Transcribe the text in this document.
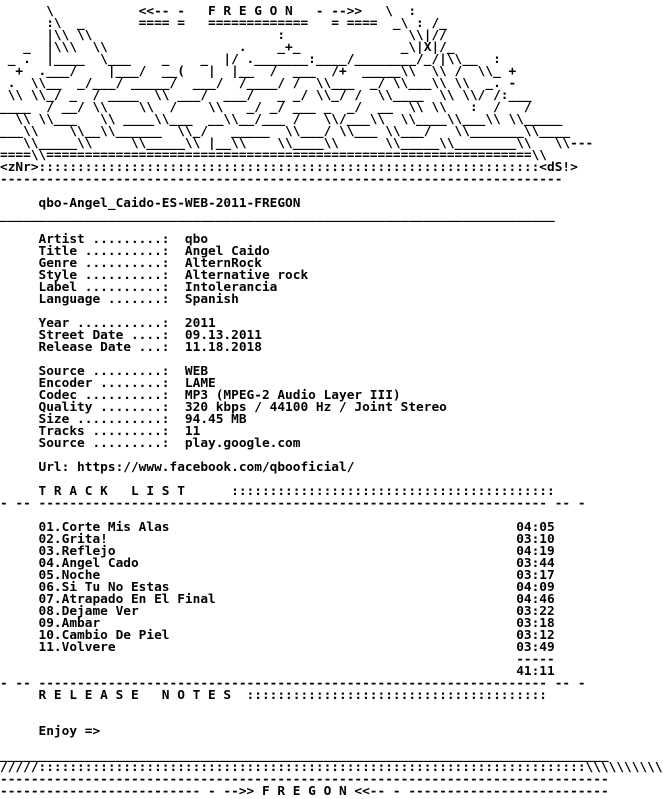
\           <<-- -   F R E G O N   - -->>   \  :
:\  _       ==== =   =============   = ====  _\ : /_
|\\ \\                        :                \\|//
_  |\\\  \\                 .    _+_             _\|X|/_
_ .  |____  \___    _    _  |/ ._______:____/________/_/|\\__  :
+  .___/    |___/  __(   |  |__  /  ___  /+  _____\\  \\ /  \\_ +
.  \\__  _/___/ _____/  ___/  /____/ /  \\___  _/ \\___\\ \\  _. -
\\ \\_/ _  / ____  \\ ___/  ___/   _ _/ \\_/ /  \\____  \\ \\/ /:___
____  / __/ \\    \\  /    \\   _/ _/ ___ _  _/  __  \\ \\   :  /   /
\\ \\___   \\ ____\\___  __\\__/___ /   \\/___\\  \\____\\___\\ \\_____
___\\    \\__\\______  \\_/   _____  \\___/ \\___ \\___/   \\_______\\____
\\_____\\     \\_____\\ |__\\    \\____\\      \\_____\\________\\   \\---
====\\===============================================================\\
<zNr>:::::::::::::::::::::::::::::::::::::::::::::::::::::::::::::::::<dS!>
-------------------------------------------------------------------------
qbo-Angel_Caido-ES-WEB-2011-FREGON
________________________________________________________________________
Artist .........:  qbo
Title ..........:  Angel Caido
Genre ..........:  AlternRock
Style ..........:  Alternative rock
Label ..........:  Intolerancia
Language .......:  Spanish
Year ...........:  2011
Street Date ....:  09.13.2011
Release Date ...:  11.18.2018
Source .........:  WEB
Encoder ........:  LAME
Codec ..........:  MP3 (MPEG-2 Audio Layer III)
Quality ........:  320 kbps / 44100 Hz / Joint Stereo
Size ...........:  94.45 MB
Tracks .........:  11
Source .........:  play.google.com
Url: https://www.facebook.com/qbooficial/
T R A C K   L I S T      ::::::::::::::::::::::::::::::::::::::::::
- -- ------------------------------------------------------------------ -- -
01.Corte Mis Alas                                             04:05
02.Grita!                                                     03:10
03.Reflejo                                                    04:19
04.Angel Cado                                                 03:44
05.Noche                                                      03:17
06.Si Tu No Estas                                             04:09
07.Atrapado En El Final                                       04:46
08.Dejame Ver                                                 03:22
09.Ambar                                                      03:18
10.Cambio De Piel                                             03:12
11.Volvere                                                    03:49
-----
41:11
- -- ------------------------------------------------------------------ -- -
R E L E A S E   N O T E S  :::::::::::::::::::::::::::::::::::::::
Enjoy =>
_______________________________________________________________________________
/////:::::::::::::::::::::::::::::::::::::::::::::::::::::::::::::::::::::::\\\\\\\\\\
-------------------------------------------------------------------------------
-------------------------- - -->> F R E G O N <<-- - --------------------------
